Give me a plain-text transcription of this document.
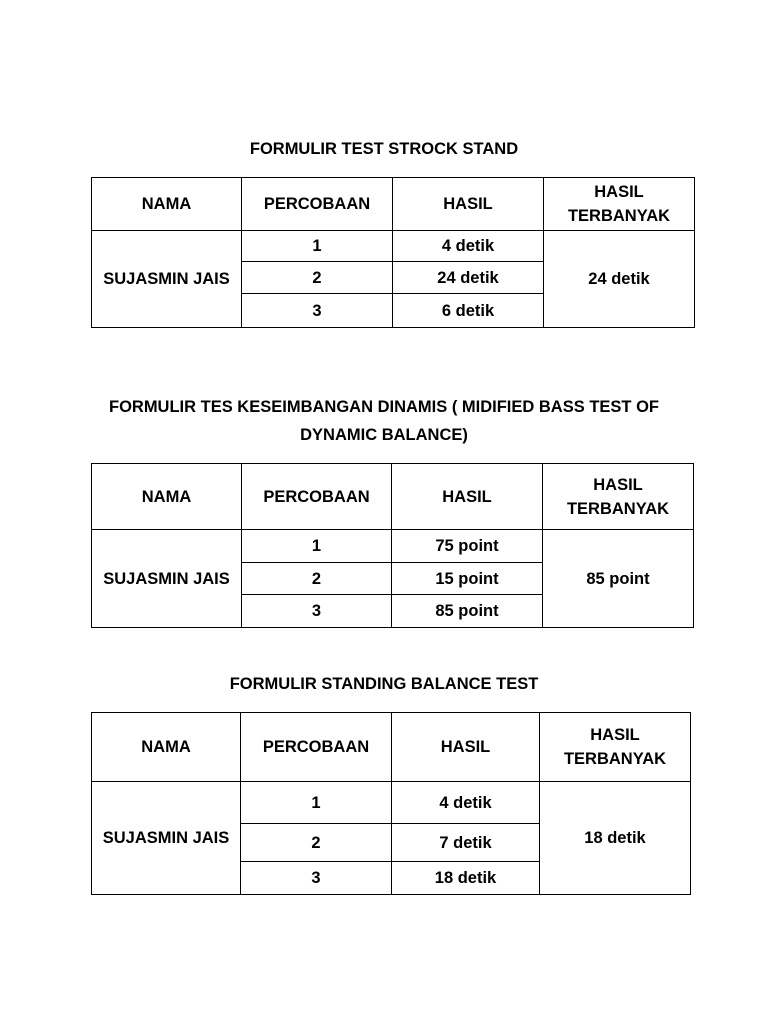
FORMULIR TEST STROCK STAND
NAMA	PERCOBAAN	HASIL	HASIL TERBANYAK
SUJASMIN JAIS	1	4 detik	24 detik
	2	24 detik	
	3	6 detik	
FORMULIR TES KESEIMBANGAN DINAMIS ( MIDIFIED BASS TEST OF DYNAMIC BALANCE)
NAMA	PERCOBAAN	HASIL	HASIL TERBANYAK
SUJASMIN JAIS	1	75 point	85 point
	2	15 point	
	3	85 point	
FORMULIR STANDING BALANCE TEST
NAMA	PERCOBAAN	HASIL	HASIL TERBANYAK
SUJASMIN JAIS	1	4 detik	18 detik
	2	7 detik	
	3	18 detik	
